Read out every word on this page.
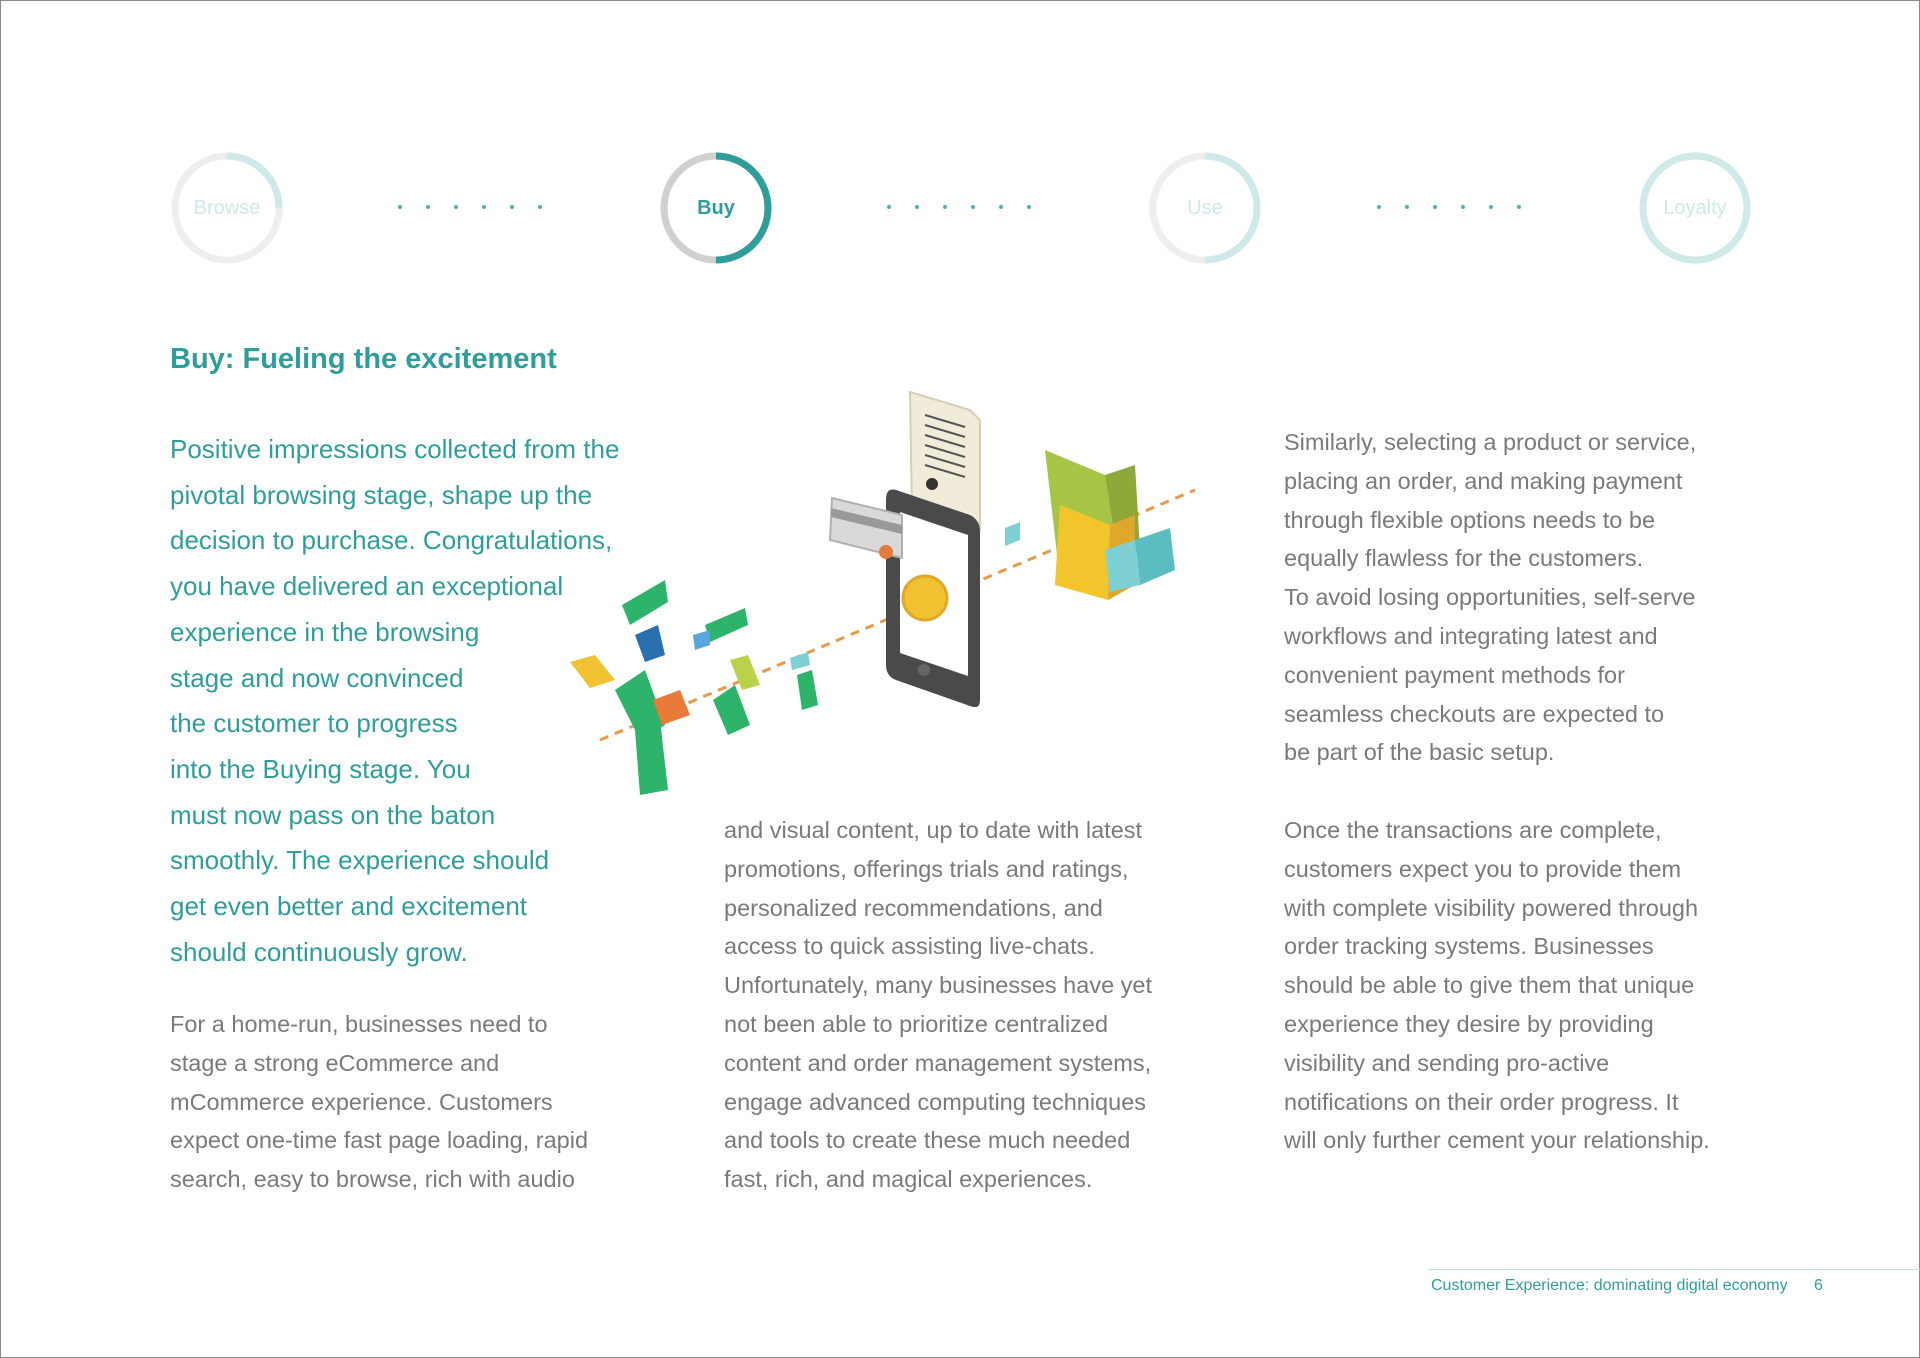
Browse	Buy	Use	Loyalty
Buy: Fueling the excitement
Positive impressions collected from the
pivotal browsing stage, shape up the
decision to purchase. Congratulations,
you have delivered an exceptional
experience in the browsing
stage and now convinced
the customer to progress
into the Buying stage. You
must now pass on the baton
smoothly. The experience should
get even better and excitement
should continuously grow.
For a home-run, businesses need to
stage a strong eCommerce and
mCommerce experience. Customers
expect one-time fast page loading, rapid
search, easy to browse, rich with audio
and visual content, up to date with latest
promotions, offerings trials and ratings,
personalized recommendations, and
access to quick assisting live-chats.
Unfortunately, many businesses have yet
not been able to prioritize centralized
content and order management systems,
engage advanced computing techniques
and tools to create these much needed
fast, rich, and magical experiences.
Similarly, selecting a product or service,
placing an order, and making payment
through flexible options needs to be
equally flawless for the customers.
To avoid losing opportunities, self-serve
workflows and integrating latest and
convenient payment methods for
seamless checkouts are expected to
be part of the basic setup.
Once the transactions are complete,
customers expect you to provide them
with complete visibility powered through
order tracking systems. Businesses
should be able to give them that unique
experience they desire by providing
visibility and sending pro-active
notifications on their order progress. It
will only further cement your relationship.
Customer Experience: dominating digital economy 6
